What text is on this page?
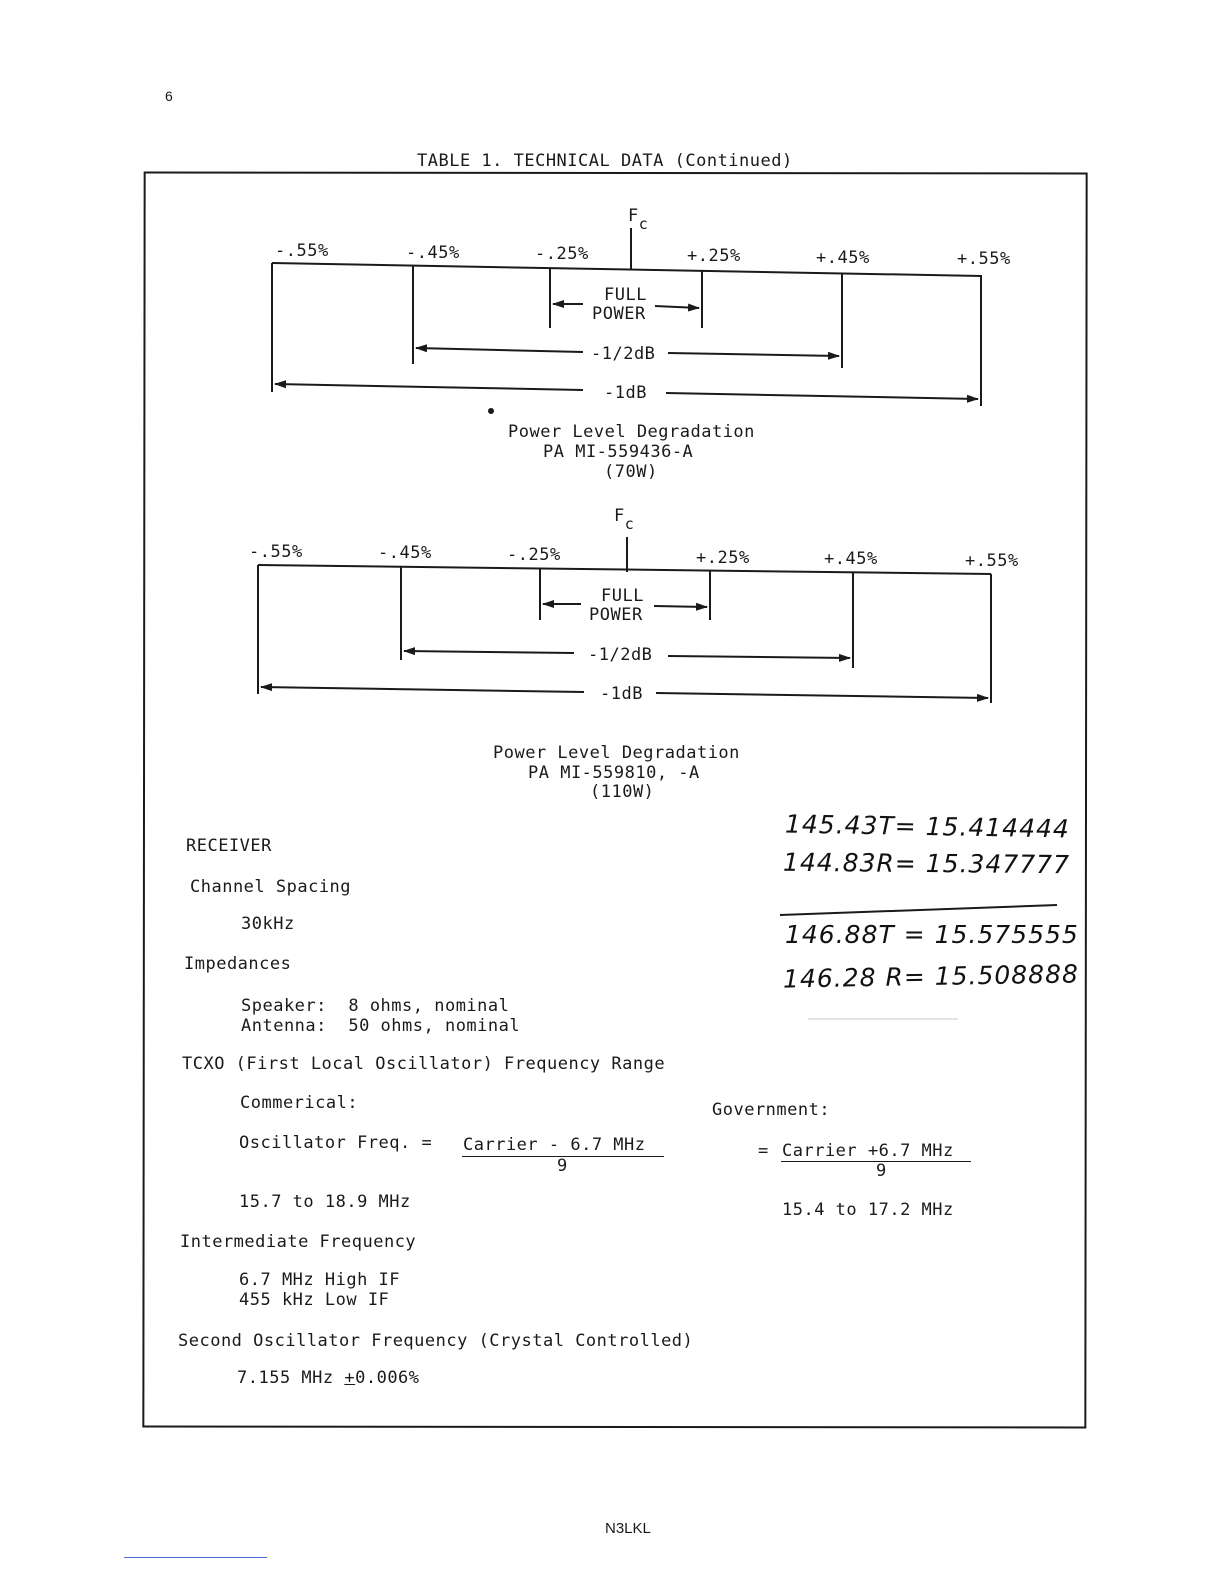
6
TABLE 1. TECHNICAL DATA (Continued)
$F_c$
-.55%	-.45%	-.25%	+.25%	+.45%	+.55%
FULL
POWER
-1/2dB
-1dB
Power Level Degradation
PA MI-559436-A
(70W)
$F_c$
-.55%	-.45%	-.25%	+.25%	+.45%	+.55%
FULL
POWER
-1/2dB
-1dB
Power Level Degradation
PA MI-559810, -A
(110W)
145.43T= 15.414444
144.83R= 15.347777
146.88T = 15.575555
146.28 R= 15.508888
RECEIVER
Channel Spacing
30kHz
Impedances
Speaker:  8 ohms, nominal
Antenna:  50 ohms, nominal
TCXO (First Local Oscillator) Frequency Range
Commerical:	Government:
Oscillator Freq. = Carrier - 6.7 MHz
9
= Carrier +6.7 MHz
9
15.7 to 18.9 MHz	15.4 to 17.2 MHz
Intermediate Frequency
6.7 MHz High IF
455 kHz Low IF
Second Oscillator Frequency (Crystal Controlled)
7.155 MHz +0.006%
N3LKL
